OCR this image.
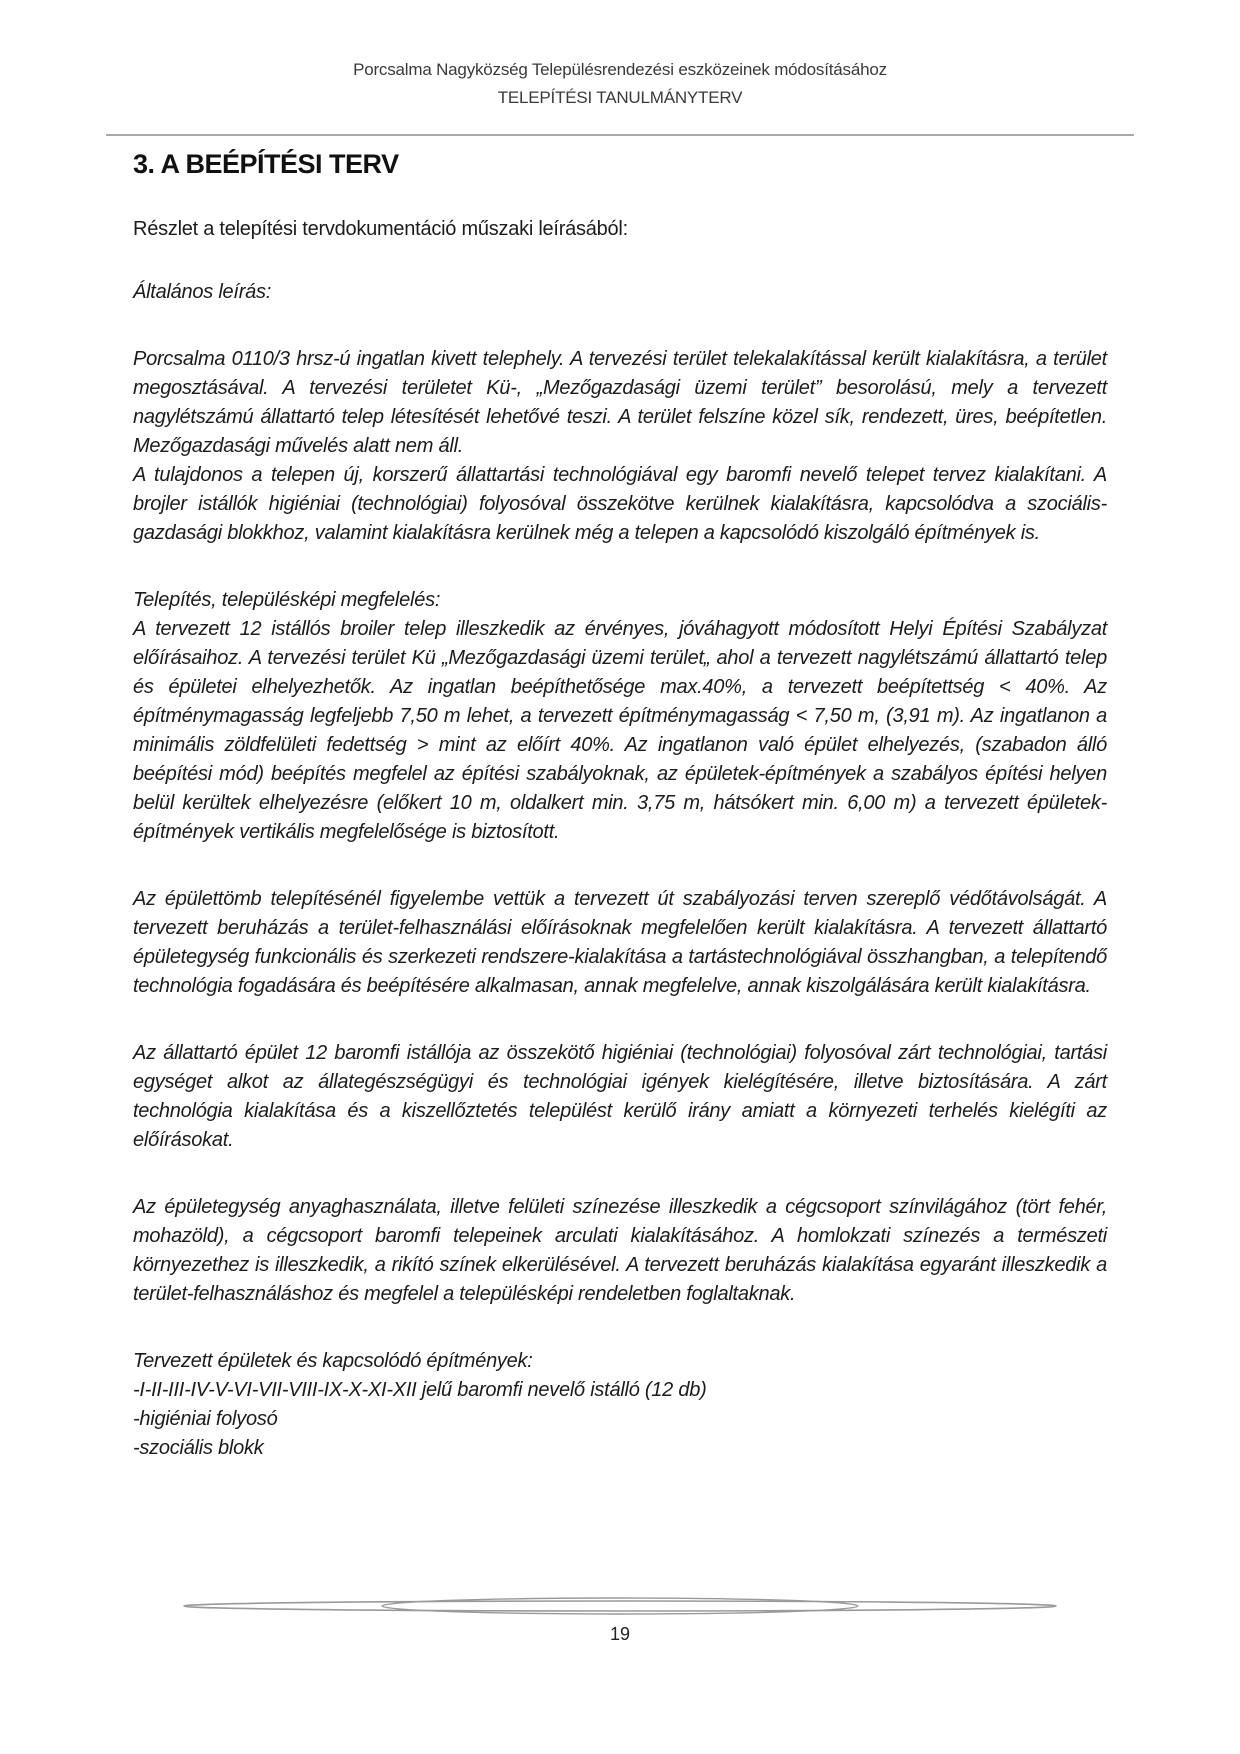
Porcsalma Nagyközség Településrendezési eszközeinek módosításához
TELEPÍTÉSI TANULMÁNYTERV
3. A BEÉPÍTÉSI TERV

Részlet a telepítési tervdokumentáció műszaki leírásából:

Általános leírás:

Porcsalma 0110/3 hrsz-ú ingatlan kivett telephely. A tervezési terület telekalakítással került kialakításra, a terület megosztásával. A tervezési területet Kü-, „Mezőgazdasági üzemi terület” besorolású, mely a tervezett nagylétszámú állattartó telep létesítését lehetővé teszi. A terület felszíne közel sík, rendezett, üres, beépítetlen. Mezőgazdasági művelés alatt nem áll.
A tulajdonos a telepen új, korszerű állattartási technológiával egy baromfi nevelő telepet tervez kialakítani. A brojler istállók higiéniai (technológiai) folyosóval összekötve kerülnek kialakításra, kapcsolódva a szociális-gazdasági blokkhoz, valamint kialakításra kerülnek még a telepen a kapcsolódó kiszolgáló építmények is.

Telepítés, településképi megfelelés:
A tervezett 12 istállós broiler telep illeszkedik az érvényes, jóváhagyott módosított Helyi Építési Szabályzat előírásaihoz. A tervezési terület Kü „Mezőgazdasági üzemi terület„ ahol a tervezett nagylétszámú állattartó telep és épületei elhelyezhetők. Az ingatlan beépíthetősége max.40%, a tervezett beépítettség < 40%. Az építménymagasság legfeljebb 7,50 m lehet, a tervezett építménymagasság < 7,50 m, (3,91 m). Az ingatlanon a minimális zöldfelületi fedettség > mint az előírt 40%. Az ingatlanon való épület elhelyezés, (szabadon álló beépítési mód) beépítés megfelel az építési szabályoknak, az épületek-építmények a szabályos építési helyen belül kerültek elhelyezésre (előkert 10 m, oldalkert min. 3,75 m, hátsókert min. 6,00 m) a tervezett épületek-építmények vertikális megfelelősége is biztosított.

Az épülettömb telepítésénél figyelembe vettük a tervezett út szabályozási terven szereplő védőtávolságát. A tervezett beruházás a terület-felhasználási előírásoknak megfelelően került kialakításra. A tervezett állattartó épületegység funkcionális és szerkezeti rendszere-kialakítása a tartástechnológiával összhangban, a telepítendő technológia fogadására és beépítésére alkalmasan, annak megfelelve, annak kiszolgálására került kialakításra.

Az állattartó épület 12 baromfi istállója az összekötő higiéniai (technológiai) folyosóval zárt technológiai, tartási egységet alkot az állategészségügyi és technológiai igények kielégítésére, illetve biztosítására. A zárt technológia kialakítása és a kiszellőztetés települést kerülő irány amiatt a környezeti terhelés kielégíti az előírásokat.

Az épületegység anyaghasználata, illetve felületi színezése illeszkedik a cégcsoport színvilágához (tört fehér, mohazöld), a cégcsoport baromfi telepeinek arculati kialakításához. A homlokzati színezés a természeti környezethez is illeszkedik, a rikító színek elkerülésével. A tervezett beruházás kialakítása egyaránt illeszkedik a terület-felhasználáshoz és megfelel a településképi rendeletben foglaltaknak.

Tervezett épületek és kapcsolódó építmények:
-I-II-III-IV-V-VI-VII-VIII-IX-X-XI-XII jelű baromfi nevelő istálló (12 db)
-higiéniai folyosó
-szociális blokk

19
